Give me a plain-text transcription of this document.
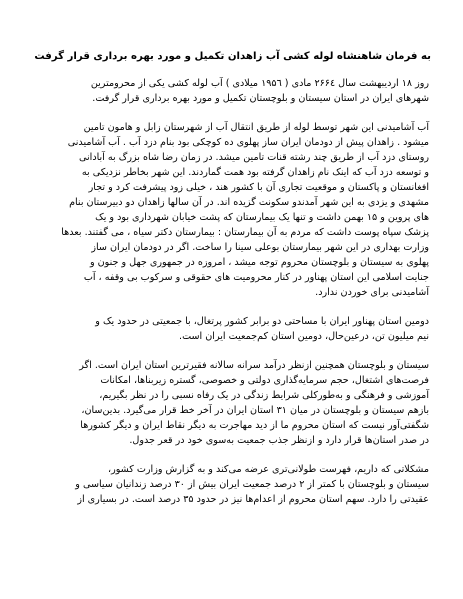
به فرمان شاهنشاه لوله کشی آب زاهدان تکمیل و مورد بهره برداری قرار گرفت
روز ۱۸ اردیبهشت سال ۲۶۶٤ مادی ( ۱۹۵٦ میلادی ) آب لوله کشی یکی از محرومترین
شهرهای ایران در استان سیستان و بلوچستان تکمیل و مورد بهره برداری قرار گرفت.
آب آشامیدنی این شهر توسط لوله از طریق انتقال آب از شهرستان زابل و هامون تامین
میشود . زاهدان پیش از دودمان ایران ساز پهلوی ده کوچکی بود بنام دزد آب . آب آشامیدنی
روستای دزد آب از طریق چند رشته قنات تامین میشد. در زمان رضا شاه بزرگ به آبادانی
و توسعه دزد آب که اینک نام زاهدان گرفته بود همت گماردند. این شهر بخاطر نزدیکی به
افغانستان و پاکستان و موقعیت تجاری آن با کشور هند ، خیلی زود پیشرفت کرد و تجار
مشهدی و یزدی به این شهر آمدندو سکونت گزیده اند. در آن سالها زاهدان دو دبیرستان بنام
های پروین و ۱۵ بهمن داشت و تنها یک بیمارستان که پشت خیابان شهرداری بود و یک
پزشک سپاه پوست داشت که مردم به آن بیمارستان : بیمارستان دکتر سیاه ، می گفتند. بعدها
وزارت بهداری در این شهر بیمارستان بوعلی سینا را ساخت. اگر در دودمان ایران ساز
پهلوی به سیستان و بلوچستان محروم توجه میشد ، امروزه در جمهوری جهل و جنون و
جنایت اسلامی این استان پهناور در کنار محرومیت های حقوقی و سرکوب بی وقفه ، آب
آشامیدنی برای خوردن ندارد.
دومین استان پهناور ایران با مساحتی دو برابر کشور پرتغال، با جمعیتی در حدود یک و
نیم میلیون تن، درعین‌حال، دومین استان کم‌جمعیت ایران است.
سیستان و بلوچستان همچنین ازنظر درآمد سرانه سالانه فقیرترین استان ایران است. اگر
فرصت‌های اشتغال، حجم سرمایه‌گذاری دولتی و خصوصی، گستره زیربناها، امکانات
آموزشی و فرهنگی و به‌طورکلی شرایط زندگی در یک رفاه نسبی را در نظر بگیریم،
بازهم سیستان و بلوچستان در میان ۳۱ استان ایران در آخر خط قرار می‌گیرد. بدین‌سان،
شگفتی‌آور نیست که استان محروم ما از دید مهاجرت به دیگر نقاط ایران و دیگر کشورها
در صدر استان‌ها قرار دارد و ازنظر جذب جمعیت به‌سوی خود در قعر جدول.
مشکلاتی که داریم، فهرست طولانی‌تری عرضه می‌کند و به گزارش وزارت کشور،
سیستان و بلوچستان با کمتر از ۲ درصد جمعیت ایران بیش از ۳۰ درصد زندانیان سیاسی و
عقیدتی را دارد. سهم استان محروم از اعدام‌ها نیز در حدود ۳۵ درصد است. در بسیاری از
